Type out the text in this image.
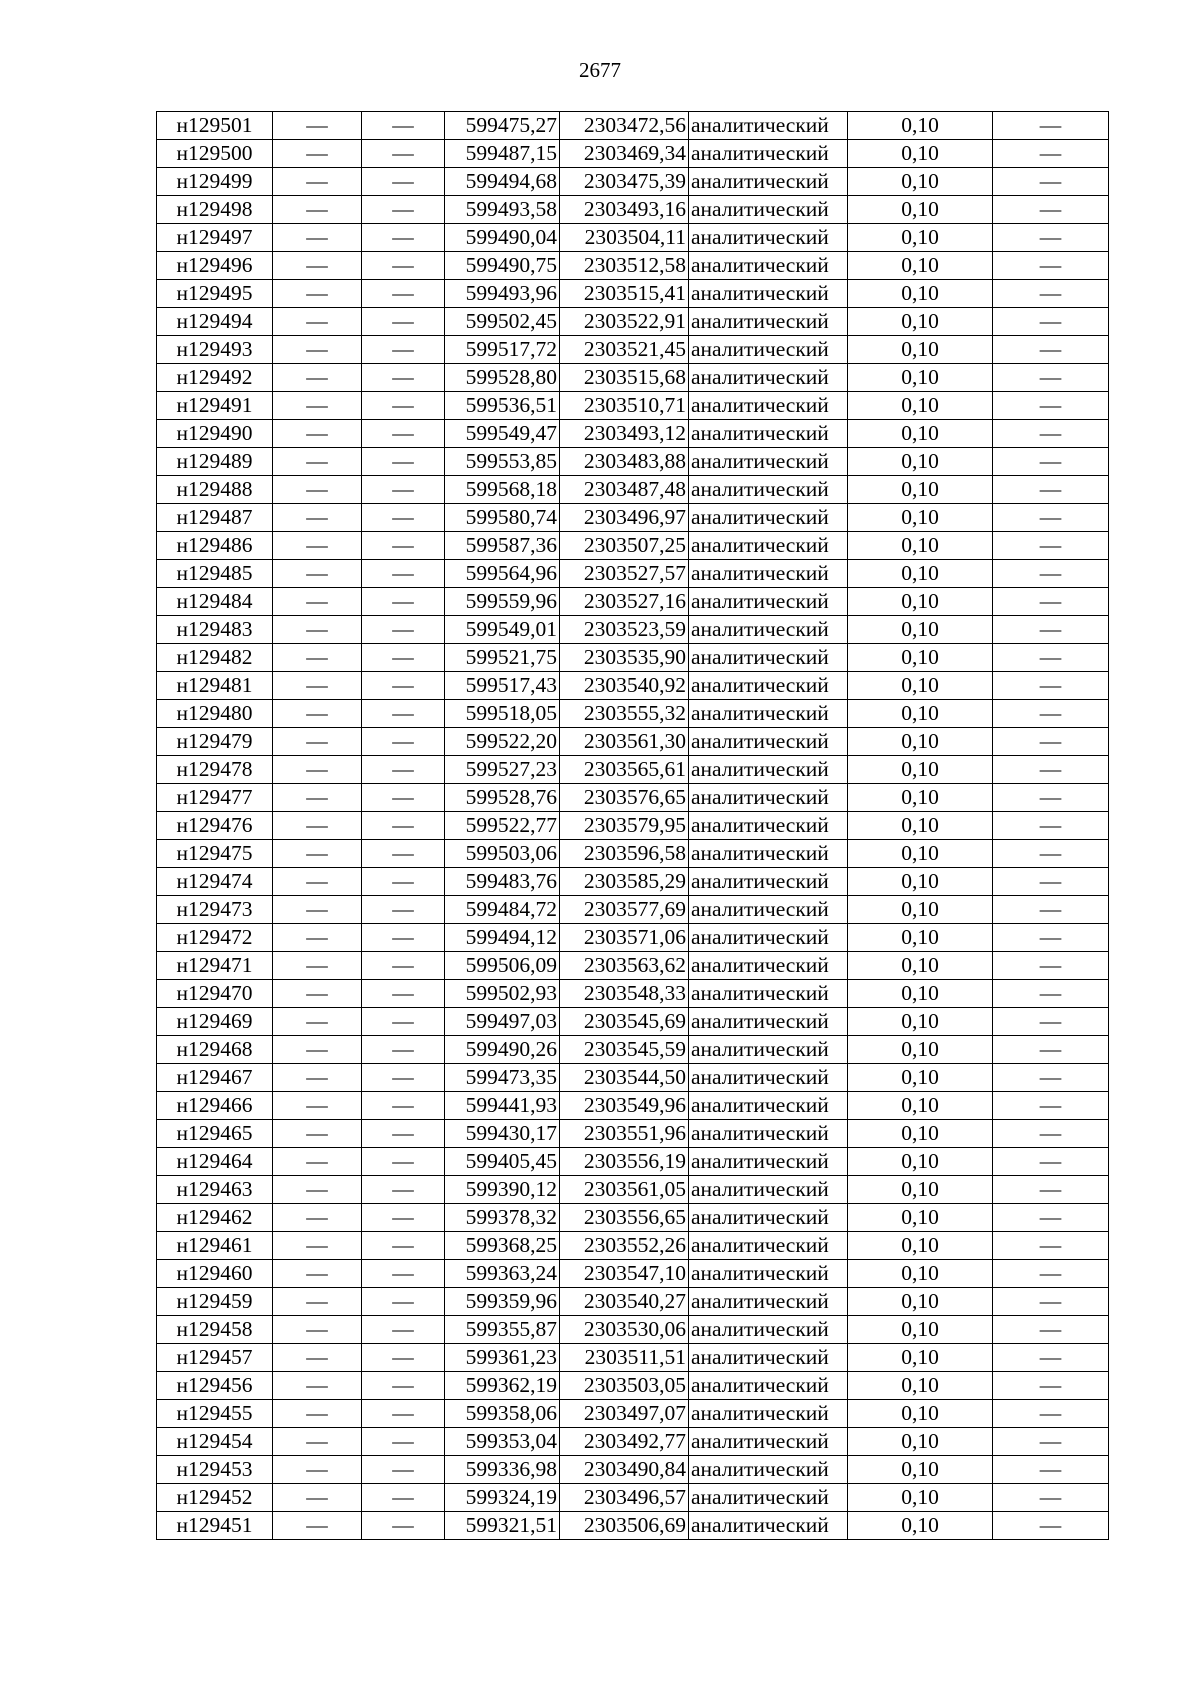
2677
н129501	—	—	599475,27	2303472,56	аналитический	0,10	—
н129500	—	—	599487,15	2303469,34	аналитический	0,10	—
н129499	—	—	599494,68	2303475,39	аналитический	0,10	—
н129498	—	—	599493,58	2303493,16	аналитический	0,10	—
н129497	—	—	599490,04	2303504,11	аналитический	0,10	—
н129496	—	—	599490,75	2303512,58	аналитический	0,10	—
н129495	—	—	599493,96	2303515,41	аналитический	0,10	—
н129494	—	—	599502,45	2303522,91	аналитический	0,10	—
н129493	—	—	599517,72	2303521,45	аналитический	0,10	—
н129492	—	—	599528,80	2303515,68	аналитический	0,10	—
н129491	—	—	599536,51	2303510,71	аналитический	0,10	—
н129490	—	—	599549,47	2303493,12	аналитический	0,10	—
н129489	—	—	599553,85	2303483,88	аналитический	0,10	—
н129488	—	—	599568,18	2303487,48	аналитический	0,10	—
н129487	—	—	599580,74	2303496,97	аналитический	0,10	—
н129486	—	—	599587,36	2303507,25	аналитический	0,10	—
н129485	—	—	599564,96	2303527,57	аналитический	0,10	—
н129484	—	—	599559,96	2303527,16	аналитический	0,10	—
н129483	—	—	599549,01	2303523,59	аналитический	0,10	—
н129482	—	—	599521,75	2303535,90	аналитический	0,10	—
н129481	—	—	599517,43	2303540,92	аналитический	0,10	—
н129480	—	—	599518,05	2303555,32	аналитический	0,10	—
н129479	—	—	599522,20	2303561,30	аналитический	0,10	—
н129478	—	—	599527,23	2303565,61	аналитический	0,10	—
н129477	—	—	599528,76	2303576,65	аналитический	0,10	—
н129476	—	—	599522,77	2303579,95	аналитический	0,10	—
н129475	—	—	599503,06	2303596,58	аналитический	0,10	—
н129474	—	—	599483,76	2303585,29	аналитический	0,10	—
н129473	—	—	599484,72	2303577,69	аналитический	0,10	—
н129472	—	—	599494,12	2303571,06	аналитический	0,10	—
н129471	—	—	599506,09	2303563,62	аналитический	0,10	—
н129470	—	—	599502,93	2303548,33	аналитический	0,10	—
н129469	—	—	599497,03	2303545,69	аналитический	0,10	—
н129468	—	—	599490,26	2303545,59	аналитический	0,10	—
н129467	—	—	599473,35	2303544,50	аналитический	0,10	—
н129466	—	—	599441,93	2303549,96	аналитический	0,10	—
н129465	—	—	599430,17	2303551,96	аналитический	0,10	—
н129464	—	—	599405,45	2303556,19	аналитический	0,10	—
н129463	—	—	599390,12	2303561,05	аналитический	0,10	—
н129462	—	—	599378,32	2303556,65	аналитический	0,10	—
н129461	—	—	599368,25	2303552,26	аналитический	0,10	—
н129460	—	—	599363,24	2303547,10	аналитический	0,10	—
н129459	—	—	599359,96	2303540,27	аналитический	0,10	—
н129458	—	—	599355,87	2303530,06	аналитический	0,10	—
н129457	—	—	599361,23	2303511,51	аналитический	0,10	—
н129456	—	—	599362,19	2303503,05	аналитический	0,10	—
н129455	—	—	599358,06	2303497,07	аналитический	0,10	—
н129454	—	—	599353,04	2303492,77	аналитический	0,10	—
н129453	—	—	599336,98	2303490,84	аналитический	0,10	—
н129452	—	—	599324,19	2303496,57	аналитический	0,10	—
н129451	—	—	599321,51	2303506,69	аналитический	0,10	—
